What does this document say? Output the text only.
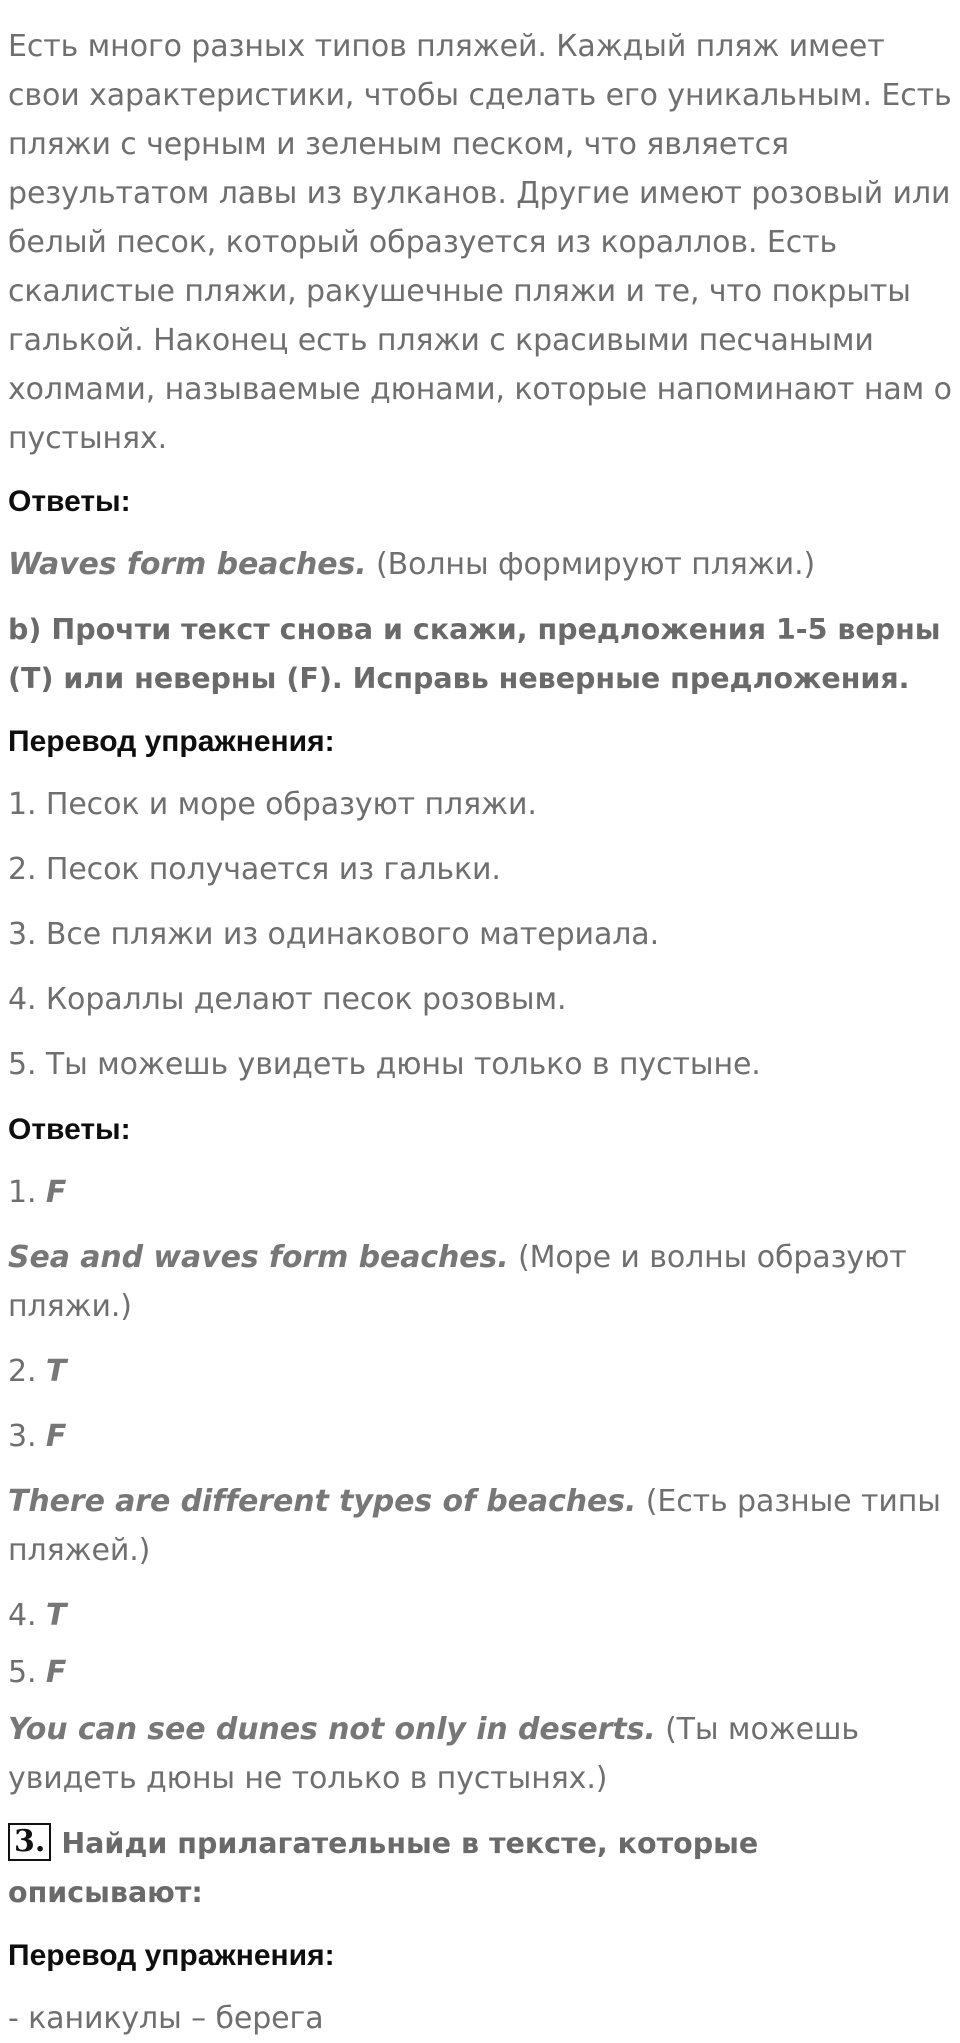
Есть много разных типов пляжей. Каждый пляж имеет свои характеристики, чтобы сделать его уникальным. Есть пляжи с черным и зеленым песком, что является результатом лавы из вулканов. Другие имеют розовый или белый песок, который образуется из кораллов. Есть скалистые пляжи, ракушечные пляжи и те, что покрыты галькой. Наконец есть пляжи с красивыми песчаными холмами, называемые дюнами, которые напоминают нам о пустынях.

Ответы:

Waves form beaches. (Волны формируют пляжи.)

b) Прочти текст снова и скажи, предложения 1-5 верны (T) или неверны (F). Исправь неверные предложения.

Перевод упражнения:

1. Песок и море образуют пляжи.

2. Песок получается из гальки.

3. Все пляжи из одинакового материала.

4. Кораллы делают песок розовым.

5. Ты можешь увидеть дюны только в пустыне.

Ответы:

1. F

Sea and waves form beaches. (Море и волны образуют пляжи.)

2. T

3. F

There are different types of beaches. (Есть разные типы пляжей.)

4. T

5. F

You can see dunes not only in deserts. (Ты можешь увидеть дюны не только в пустынях.)

3. Найди прилагательные в тексте, которые описывают:

Перевод упражнения:

- каникулы – берега
